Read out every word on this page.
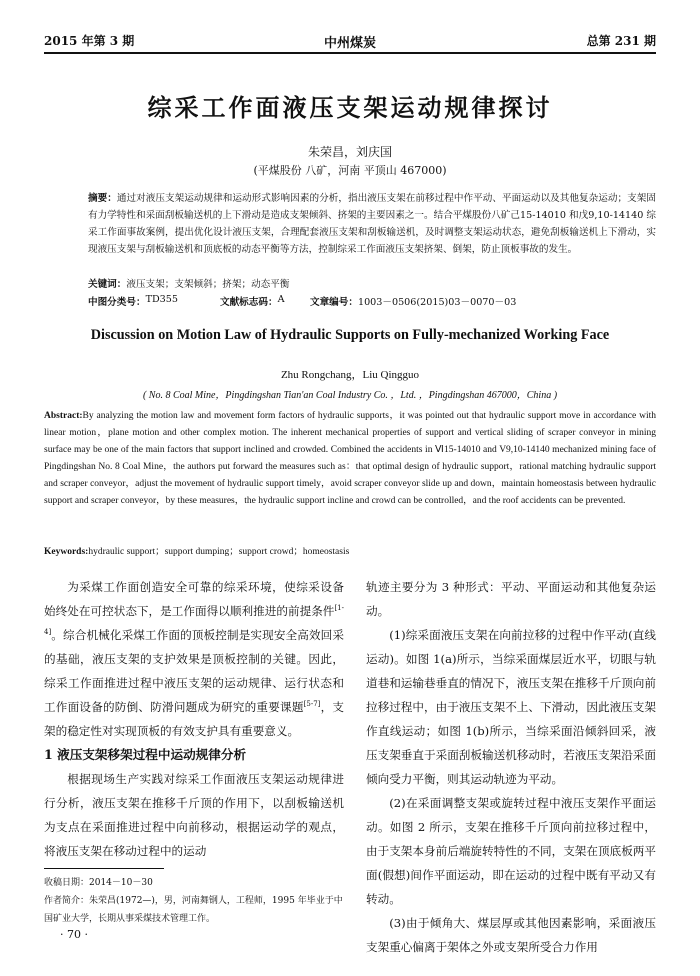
2015 年第 3 期	中州煤炭	总第 231 期
综采工作面液压支架运动规律探讨
朱荣昌，刘庆国
(平煤股份 八矿，河南 平顶山 467000)
摘要：通过对液压支架运动规律和运动形式影响因素的分析，指出液压支架在前移过程中作平动、平面运动以及其他复杂运动；支架固有力学特性和采面刮板输送机的上下滑动是造成支架倾斜、挤架的主要因素之一。结合平煤股份八矿己15-14010 和戊9,10-14140 综采工作面事故案例，提出优化设计液压支架，合理配套液压支架和刮板输送机，及时调整支架运动状态，避免刮板输送机上下滑动，实现液压支架与刮板输送机和顶底板的动态平衡等方法，控制综采工作面液压支架挤架、倒架，防止顶板事故的发生。
关键词：液压支架；支架倾斜；挤架；动态平衡
中图分类号： TD355	文献标志码： A	文章编号： 1003－0506(2015)03－0070－03
Discussion on Motion Law of Hydraulic Supports on Fully-mechanized Working Face
Zhu Rongchang，Liu Qingguo
( No. 8 Coal Mine，Pingdingshan Tian'an Coal Industry Co. ，Ltd. ，Pingdingshan 467000，China )
Abstract:By analyzing the motion law and movement form factors of hydraulic supports，it was pointed out that hydraulic support move in accordance with linear motion，plane motion and other complex motion. The inherent mechanical properties of support and vertical sliding of scraper conveyor in mining surface may be one of the main factors that support inclined and crowded. Combined the accidents in Ⅵ15-14010 and V9,10-14140 mechanized mining face of Pingdingshan No. 8 Coal Mine，the authors put forward the measures such as：that optimal design of hydraulic support，rational matching hydraulic support and scraper conveyor，adjust the movement of hydraulic support timely，avoid scraper conveyor slide up and down，maintain homeostasis between hydraulic support and scraper conveyor，by these measures，the hydraulic support incline and crowd can be controlled，and the roof accidents can be prevented.
Keywords:hydraulic support；support dumping；support crowd；homeostasis

为采煤工作面创造安全可靠的综采环境，使综采设备始终处在可控状态下，是工作面得以顺利推进的前提条件[1-4]。综合机械化采煤工作面的顶板控制是实现安全高效回采的基础，液压支架的支护效果是顶板控制的关键。因此，综采工作面推进过程中液压支架的运动规律、运行状态和工作面设备的防倒、防滑问题成为研究的重要课题[5-7]，支架的稳定性对实现顶板的有效支护具有重要意义。

1 液压支架移架过程中运动规律分析

根据现场生产实践对综采工作面液压支架运动规律进行分析，液压支架在推移千斤顶的作用下，以刮板输送机为支点在采面推进过程中向前移动，根据运动学的观点，将液压支架在移动过程中的运动

轨迹主要分为 3 种形式：平动、平面运动和其他复杂运动。

(1)综采面液压支架在向前拉移的过程中作平动(直线运动)。如图 1(a)所示，当综采面煤层近水平，切眼与轨道巷和运输巷垂直的情况下，液压支架在推移千斤顶向前拉移过程中，由于液压支架不上、下滑动，因此液压支架作直线运动；如图 1(b)所示，当综采面沿倾斜回采，液压支架垂直于采面刮板输送机移动时，若液压支架沿采面倾向受力平衡，则其运动轨迹为平动。

(2)在采面调整支架或旋转过程中液压支架作平面运动。如图 2 所示，支架在推移千斤顶向前拉移过程中，由于支架本身前后端旋转特性的不同，支架在顶底板两平面(假想)间作平面运动，即在运动的过程中既有平动又有转动。

(3)由于倾角大、煤层厚或其他因素影响，采面液压支架重心偏离于架体之外或支架所受合力作用

收稿日期：2014－10－30
作者简介：朱荣昌(1972—)，男，河南舞钢人，工程师，1995 年毕业于中国矿业大学，长期从事采煤技术管理工作。
· 70 ·
